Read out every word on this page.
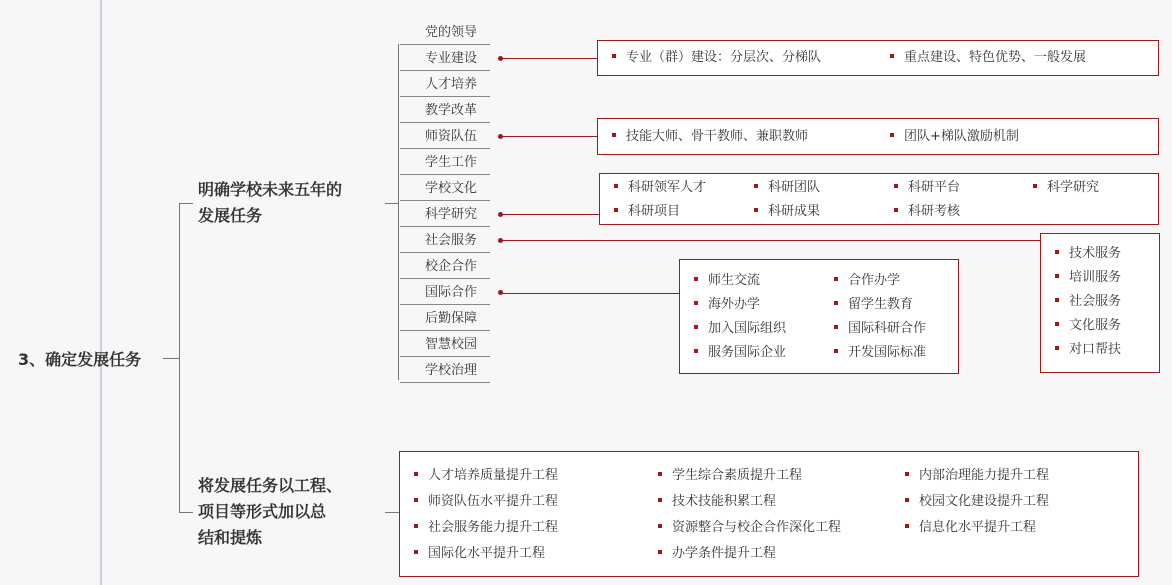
3、确定发展任务
明确学校未来五年的
发展任务
将发展任务以工程、
项目等形式加以总
结和提炼
党的领导
专业建设
人才培养
教学改革
师资队伍
学生工作
学校文化
科学研究
社会服务
校企合作
国际合作
后勤保障
智慧校园
学校治理
专业（群）建设：分层次、分梯队	重点建设、特色优势、一般发展
技能大师、骨干教师、兼职教师	团队+梯队激励机制
科研领军人才	科研团队	科研平台	科学研究
科研项目	科研成果	科研考核
技术服务
培训服务
社会服务
文化服务
对口帮扶
师生交流	合作办学
海外办学	留学生教育
加入国际组织	国际科研合作
服务国际企业	开发国际标准
人才培养质量提升工程	学生综合素质提升工程	内部治理能力提升工程
师资队伍水平提升工程	技术技能积累工程	校园文化建设提升工程
社会服务能力提升工程	资源整合与校企合作深化工程	信息化水平提升工程
国际化水平提升工程	办学条件提升工程
